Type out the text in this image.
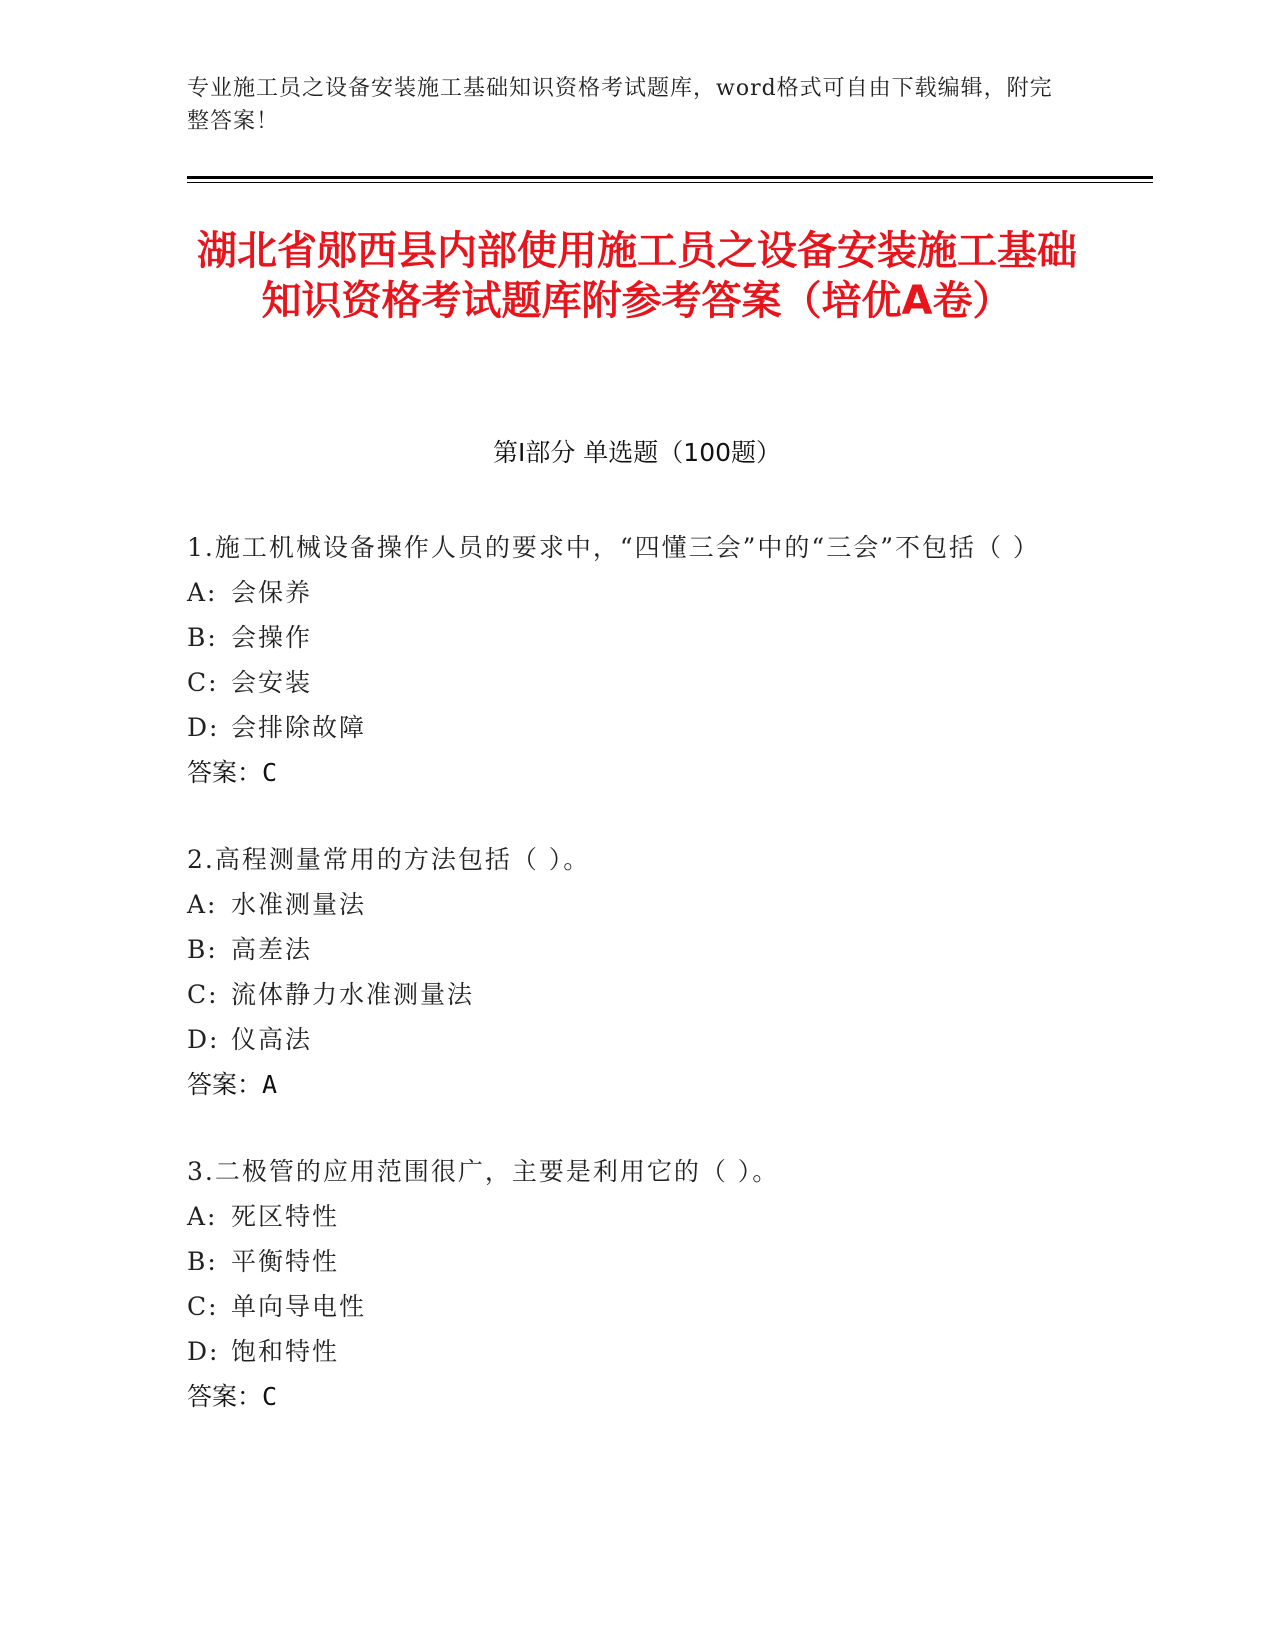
专业施工员之设备安装施工基础知识资格考试题库，word格式可自由下载编辑，附完整答案！
湖北省郧西县内部使用施工员之设备安装施工基础知识资格考试题库附参考答案（培优A卷）
第Ⅰ部分 单选题（100题）
1.施工机械设备操作人员的要求中，“四懂三会”中的“三会”不包括（ ）
A: 会保养
B: 会操作
C: 会安装
D: 会排除故障
答案：C
2.高程测量常用的方法包括（ ）。
A: 水准测量法
B: 高差法
C: 流体静力水准测量法
D: 仪高法
答案：A
3.二极管的应用范围很广，主要是利用它的（ ）。
A: 死区特性
B: 平衡特性
C: 单向导电性
D: 饱和特性
答案：C
